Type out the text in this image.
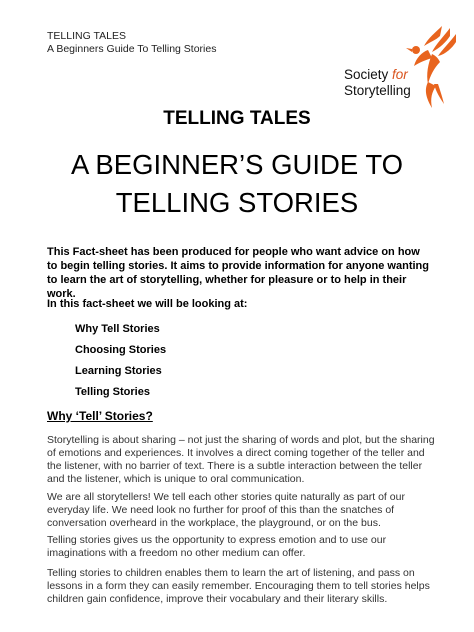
TELLING TALES
A Beginners Guide To Telling Stories
Society for
Storytelling
TELLING TALES
A BEGINNER’S GUIDE TO
TELLING STORIES
This Fact-sheet has been produced for people who want advice on how to begin telling stories. It aims to provide information for anyone wanting to learn the art of storytelling, whether for pleasure or to help in their work.
In this fact-sheet we will be looking at:
Why Tell Stories
Choosing Stories
Learning Stories
Telling Stories
Why ‘Tell’ Stories?

Storytelling is about sharing – not just the sharing of words and plot, but the sharing of emotions and experiences. It involves a direct coming together of the teller and the listener, with no barrier of text. There is a subtle interaction between the teller and the listener, which is unique to oral communication.

We are all storytellers! We tell each other stories quite naturally as part of our everyday life. We need look no further for proof of this than the snatches of conversation overheard in the workplace, the playground, or on the bus.

Telling stories gives us the opportunity to express emotion and to use our imaginations with a freedom no other medium can offer.

Telling stories to children enables them to learn the art of listening, and pass on lessons in a form they can easily remember. Encouraging them to tell stories helps children gain confidence, improve their vocabulary and their literary skills.
